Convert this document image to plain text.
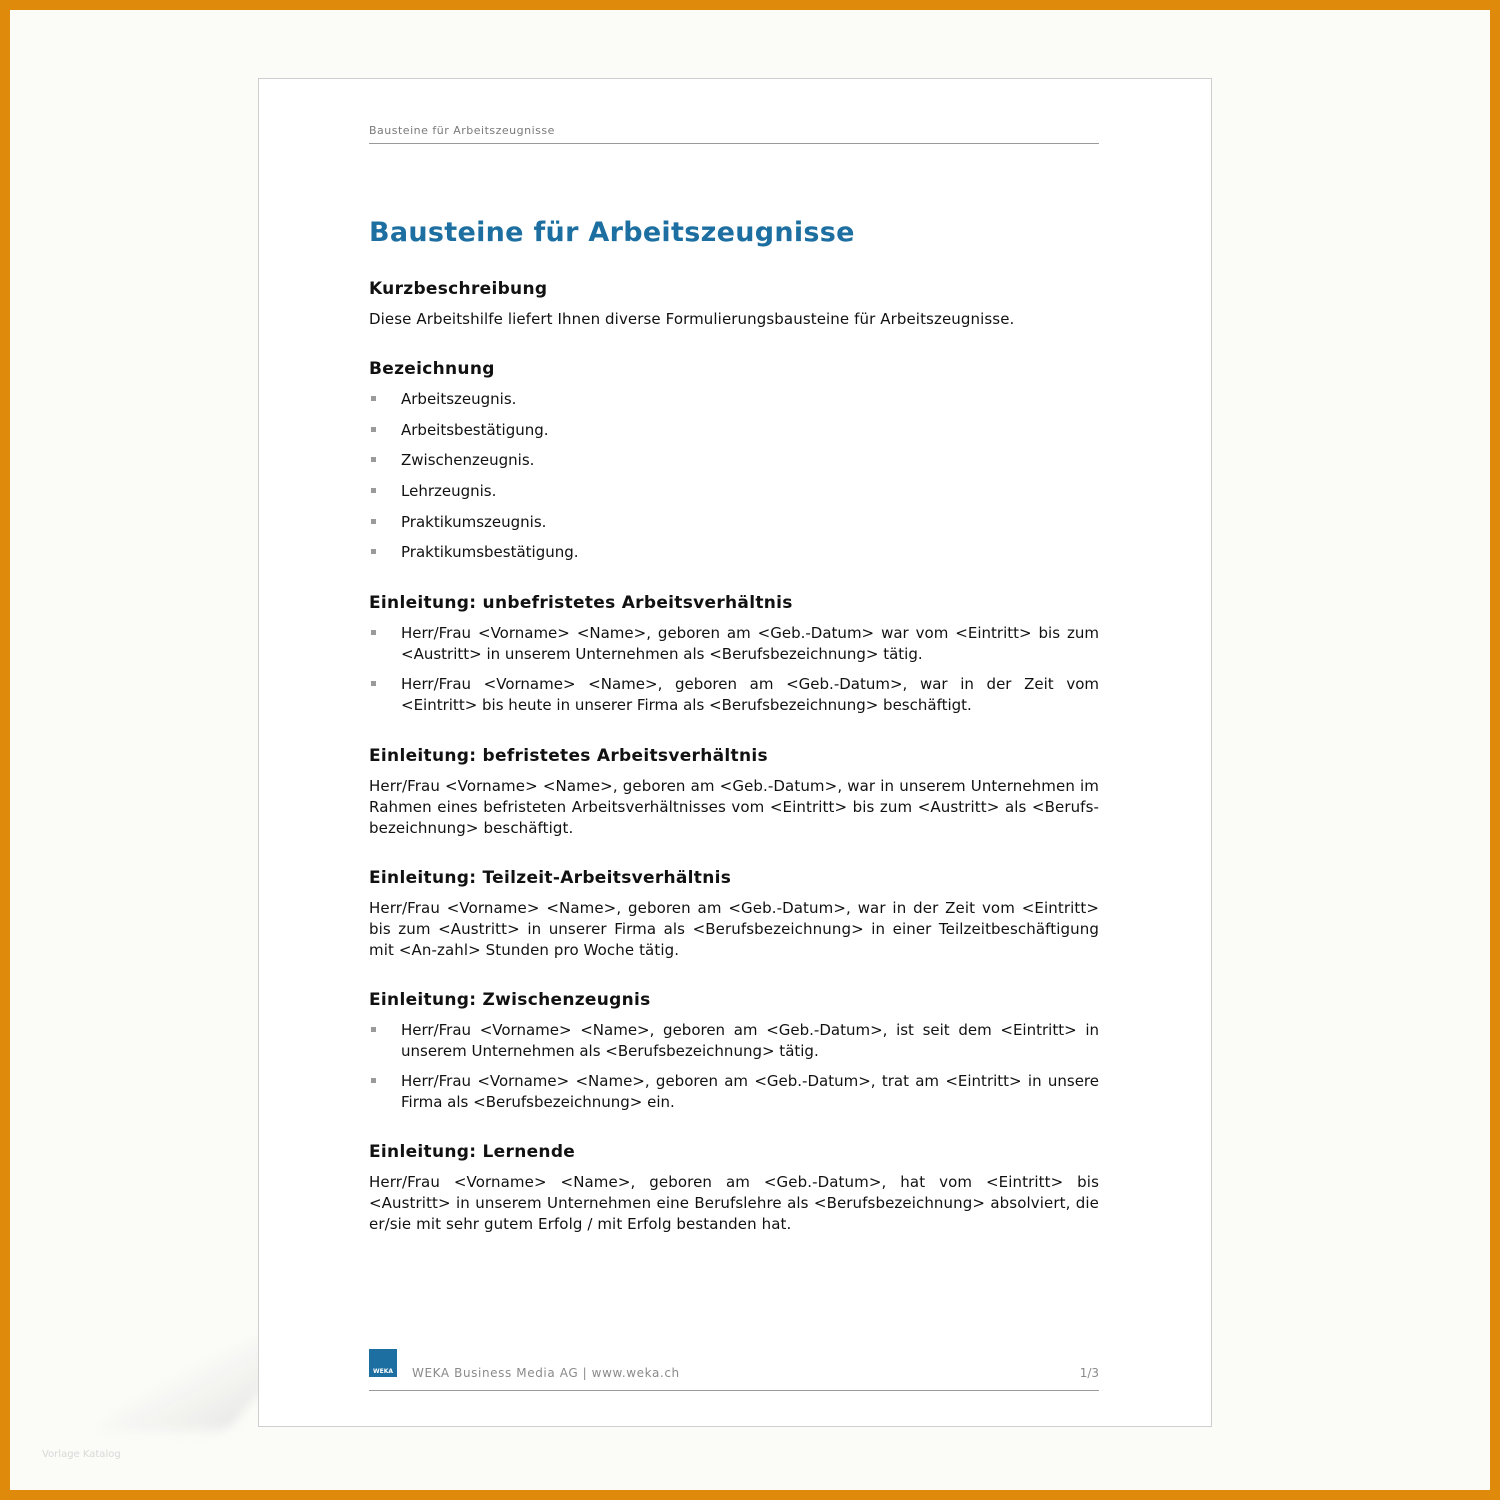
Vorlage Katalog
Bausteine für Arbeitszeugnisse
Bausteine für Arbeitszeugnisse
Kurzbeschreibung

Diese Arbeitshilfe liefert Ihnen diverse Formulierungsbausteine für Arbeitszeugnisse.

Bezeichnung
Arbeitszeugnis.
Arbeitsbestätigung.
Zwischenzeugnis.
Lehrzeugnis.
Praktikumszeugnis.
Praktikumsbestätigung.
Einleitung: unbefristetes Arbeitsverhältnis
Herr/Frau <Vorname> <Name>, geboren am <Geb.-Datum> war vom <Eintritt> bis zum <Austritt> in unserem Unternehmen als <Berufsbezeichnung> tätig.
Herr/Frau <Vorname> <Name>, geboren am <Geb.-Datum>, war in der Zeit vom <Eintritt> bis heute in unserer Firma als <Berufsbezeichnung> beschäftigt.
Einleitung: befristetes Arbeitsverhältnis

Herr/Frau <Vorname> <Name>, geboren am <Geb.-Datum>, war in unserem Unternehmen im Rahmen eines befristeten Arbeitsverhältnisses vom <Eintritt> bis zum <Austritt> als <Berufs-bezeichnung> beschäftigt.

Einleitung: Teilzeit-Arbeitsverhältnis

Herr/Frau <Vorname> <Name>, geboren am <Geb.-Datum>, war in der Zeit vom <Eintritt> bis zum <Austritt> in unserer Firma als <Berufsbezeichnung> in einer Teilzeitbeschäftigung mit <An-zahl> Stunden pro Woche tätig.

Einleitung: Zwischenzeugnis
Herr/Frau <Vorname> <Name>, geboren am <Geb.-Datum>, ist seit dem <Eintritt> in unserem Unternehmen als <Berufsbezeichnung> tätig.
Herr/Frau <Vorname> <Name>, geboren am <Geb.-Datum>, trat am <Eintritt> in unsere Firma als <Berufsbezeichnung> ein.
Einleitung: Lernende

Herr/Frau <Vorname> <Name>, geboren am <Geb.-Datum>, hat vom <Eintritt> bis <Austritt> in unserem Unternehmen eine Berufslehre als <Berufsbezeichnung> absolviert, die er/sie mit sehr gutem Erfolg / mit Erfolg bestanden hat.

WEKA	WEKA Business Media AG | www.weka.ch	1/3
